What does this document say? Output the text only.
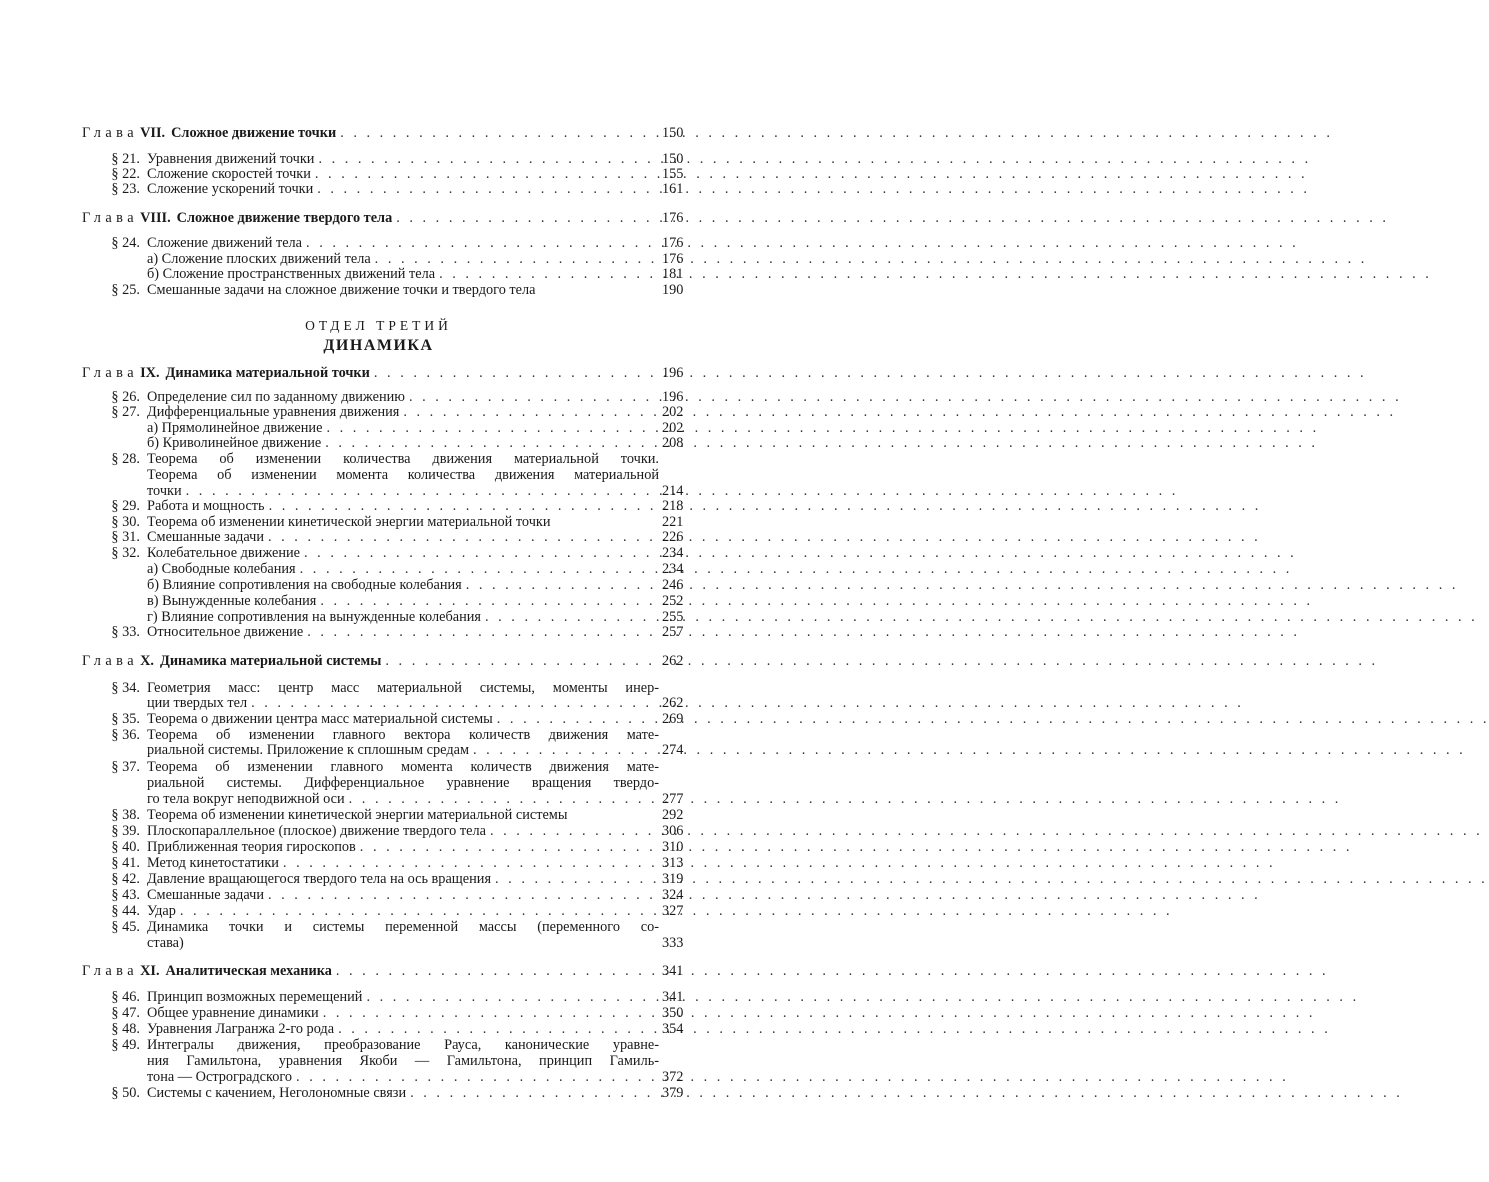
Глава VII. Сложное движение точки . . .	150
§ 21. Уравнения движений точки . . .	150
§ 22. Сложение скоростей точки . . .	155
§ 23. Сложение ускорений точки . . .	161
Глава VIII. Сложное движение твердого тела . . .	176
§ 24. Сложение движений тела . . .	176
а) Сложение плоских движений тела . . .	176
б) Сложение пространственных движений тела . . .	181
§ 25. Смешанные задачи на сложное движение точки и твердого тела	190
ОТДЕЛ ТРЕТИЙ
ДИНАМИКА
Глава IX. Динамика материальной точки . . .	196
§ 26. Определение сил по заданному движению . . .	196
§ 27. Дифференциальные уравнения движения . . .	202
а) Прямолинейное движение . . .	202
б) Криволинейное движение . . .	208
§ 28. Теорема об изменении количества движения материальной точки.
Теорема об изменении момента количества движения материальной
точки . . .	214
§ 29. Работа и мощность . . .	218
§ 30. Теорема об изменении кинетической энергии материальной точки	221
§ 31. Смешанные задачи . . .	226
§ 32. Колебательное движение . . .	234
а) Свободные колебания . . .	234
б) Влияние сопротивления на свободные колебания . . .	246
в) Вынужденные колебания . . .	252
г) Влияние сопротивления на вынужденные колебания . . .	255
§ 33. Относительное движение . . .	257
Глава X. Динамика материальной системы . . .	262
§ 34. Геометрия масс: центр масс материальной системы, моменты инер-
ции твердых тел . . .	262
§ 35. Теорема о движении центра масс материальной системы . . .	269
§ 36. Теорема об изменении главного вектора количеств движения мате-
риальной системы. Приложение к сплошным средам . . .	274
§ 37. Теорема об изменении главного момента количеств движения мате-
риальной системы. Дифференциальное уравнение вращения твердо-
го тела вокруг неподвижной оси . . .	277
§ 38. Теорема об изменении кинетической энергии материальной системы	292
§ 39. Плоскопараллельное (плоское) движение твердого тела . . .	306
§ 40. Приближенная теория гироскопов . . .	310
§ 41. Метод кинетостатики . . .	313
§ 42. Давление вращающегося твердого тела на ось вращения . . .	319
§ 43. Смешанные задачи . . .	324
§ 44. Удар . . .	327
§ 45. Динамика точки и системы переменной массы (переменного со-
става)	333
Глава XI. Аналитическая механика . . .	341
§ 46. Принцип возможных перемещений . . .	341
§ 47. Общее уравнение динамики . . .	350
§ 48. Уравнения Лагранжа 2-го рода . . .	354
§ 49. Интегралы движения, преобразование Рауса, канонические уравне-
ния Гамильтона, уравнения Якоби — Гамильтона, принцип Гамиль-
тона — Остроградского . . .	372
§ 50. Системы с качением, Неголономные связи . . .	379
